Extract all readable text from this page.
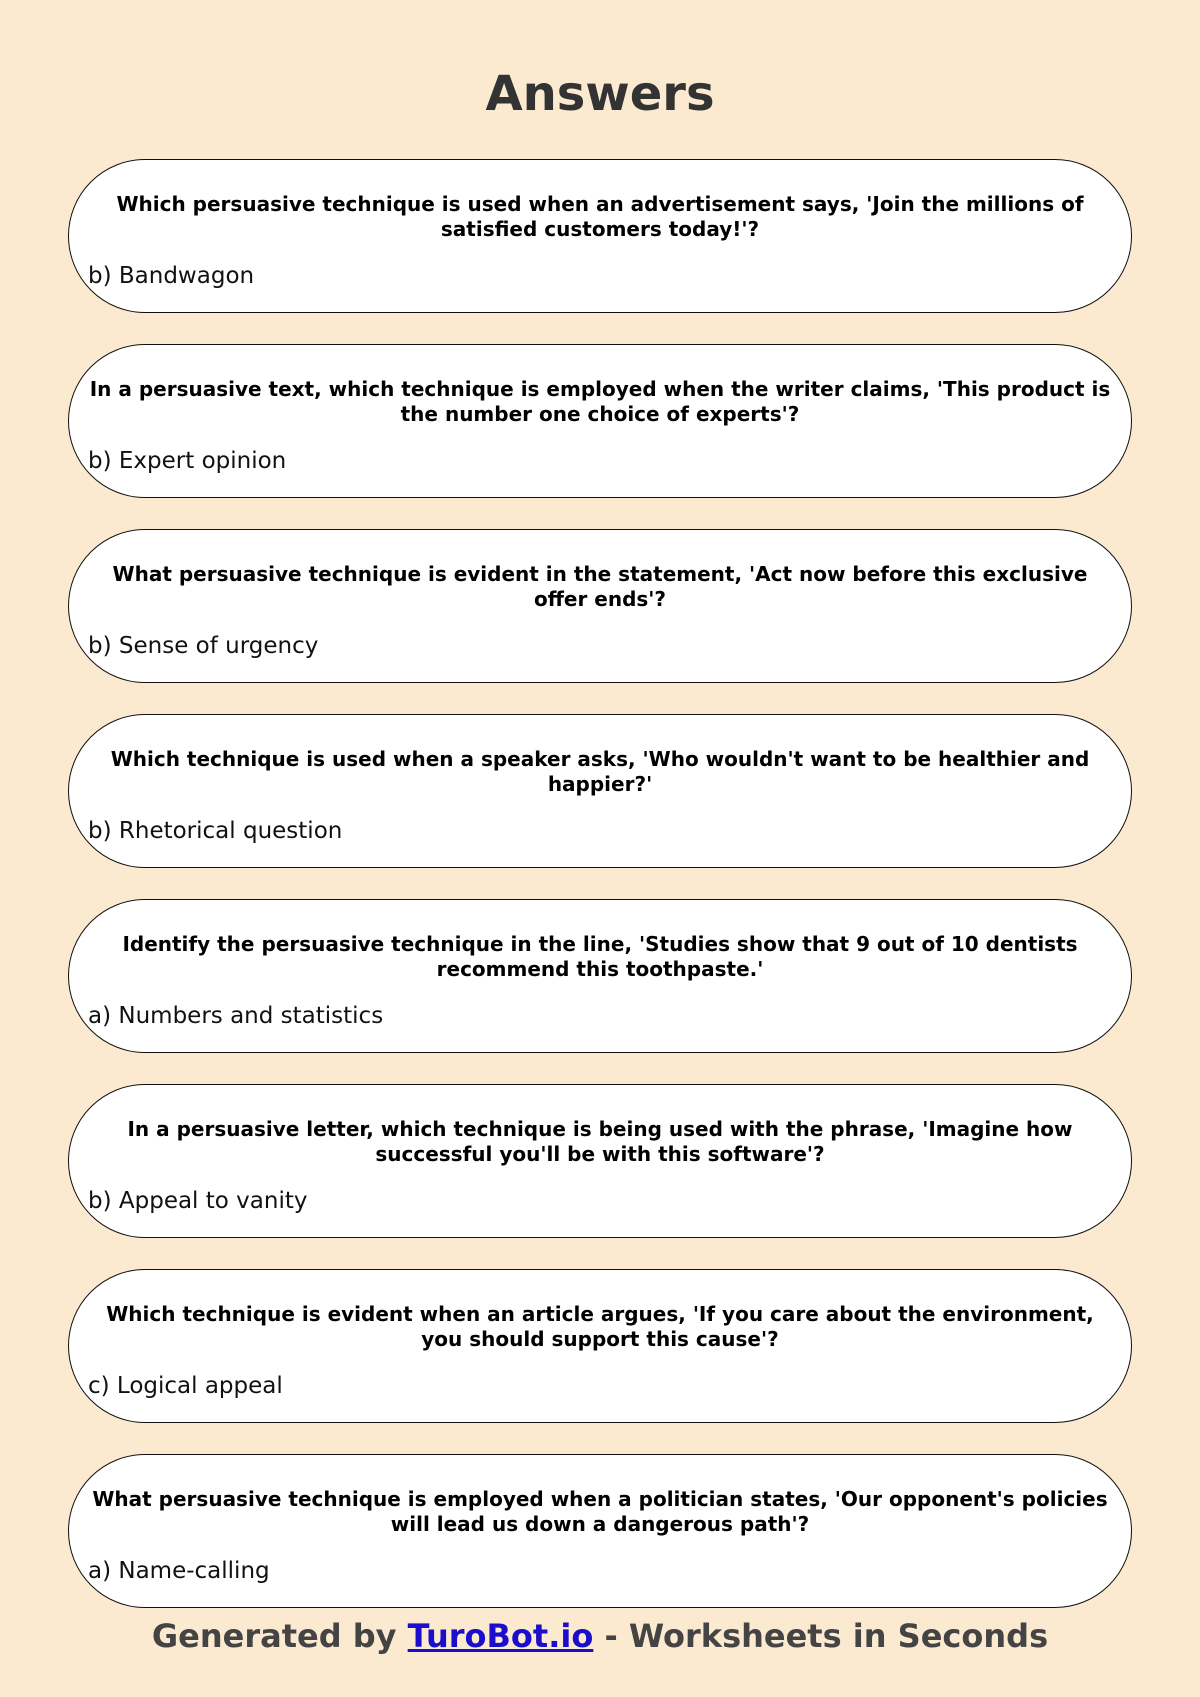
Answers
Which persuasive technique is used when an advertisement says, 'Join the millions of satisfied customers today!'?
b) Bandwagon
In a persuasive text, which technique is employed when the writer claims, 'This product is the number one choice of experts'?
b) Expert opinion
What persuasive technique is evident in the statement, 'Act now before this exclusive offer ends'?
b) Sense of urgency
Which technique is used when a speaker asks, 'Who wouldn't want to be healthier and happier?'
b) Rhetorical question
Identify the persuasive technique in the line, 'Studies show that 9 out of 10 dentists recommend this toothpaste.'
a) Numbers and statistics
In a persuasive letter, which technique is being used with the phrase, 'Imagine how successful you'll be with this software'?
b) Appeal to vanity
Which technique is evident when an article argues, 'If you care about the environment, you should support this cause'?
c) Logical appeal
What persuasive technique is employed when a politician states, 'Our opponent's policies will lead us down a dangerous path'?
a) Name-calling
Generated by TuroBot.io - Worksheets in Seconds
